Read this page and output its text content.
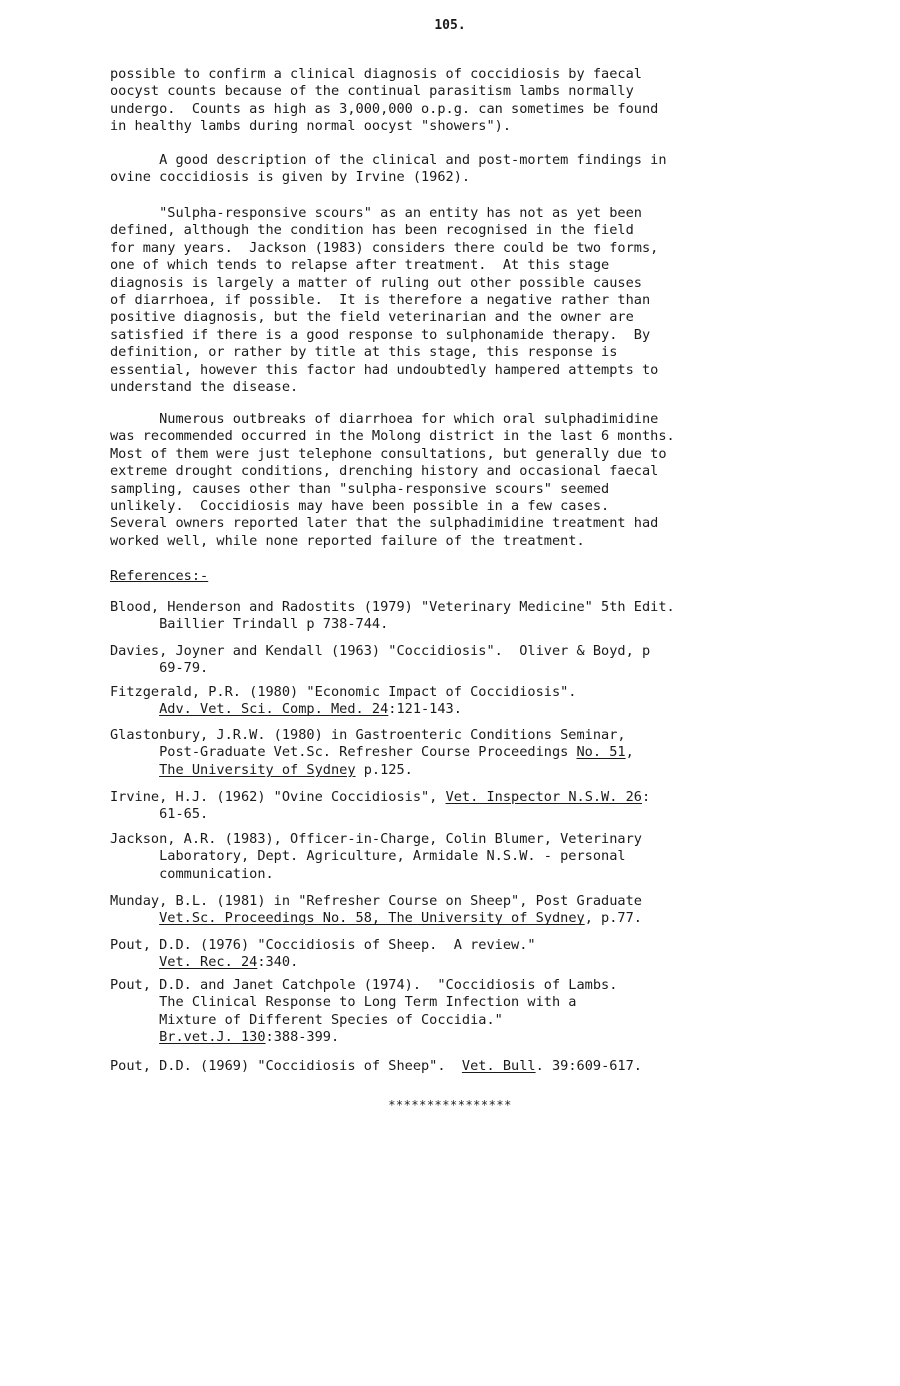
105.
possible to confirm a clinical diagnosis of coccidiosis by faecal
oocyst counts because of the continual parasitism lambs normally
undergo.  Counts as high as 3,000,000 o.p.g. can sometimes be found
in healthy lambs during normal oocyst "showers").
A good description of the clinical and post-mortem findings in
ovine coccidiosis is given by Irvine (1962).
"Sulpha-responsive scours" as an entity has not as yet been
defined, although the condition has been recognised in the field
for many years.  Jackson (1983) considers there could be two forms,
one of which tends to relapse after treatment.  At this stage
diagnosis is largely a matter of ruling out other possible causes
of diarrhoea, if possible.  It is therefore a negative rather than
positive diagnosis, but the field veterinarian and the owner are
satisfied if there is a good response to sulphonamide therapy.  By
definition, or rather by title at this stage, this response is
essential, however this factor had undoubtedly hampered attempts to
understand the disease.
Numerous outbreaks of diarrhoea for which oral sulphadimidine
was recommended occurred in the Molong district in the last 6 months.
Most of them were just telephone consultations, but generally due to
extreme drought conditions, drenching history and occasional faecal
sampling, causes other than "sulpha-responsive scours" seemed
unlikely.  Coccidiosis may have been possible in a few cases.
Several owners reported later that the sulphadimidine treatment had
worked well, while none reported failure of the treatment.
References:-
Blood, Henderson and Radostits (1979) "Veterinary Medicine" 5th Edit.
Baillier Trindall p 738-744.
Davies, Joyner and Kendall (1963) "Coccidiosis".  Oliver & Boyd, p
69-79.
Fitzgerald, P.R. (1980) "Economic Impact of Coccidiosis".
Adv. Vet. Sci. Comp. Med. 24:121-143.
Glastonbury, J.R.W. (1980) in Gastroenteric Conditions Seminar,
Post-Graduate Vet.Sc. Refresher Course Proceedings No. 51,
The University of Sydney p.125.
Irvine, H.J. (1962) "Ovine Coccidiosis", Vet. Inspector N.S.W. 26:
61-65.
Jackson, A.R. (1983), Officer-in-Charge, Colin Blumer, Veterinary
Laboratory, Dept. Agriculture, Armidale N.S.W. - personal
communication.
Munday, B.L. (1981) in "Refresher Course on Sheep", Post Graduate
Vet.Sc. Proceedings No. 58, The University of Sydney, p.77.
Pout, D.D. (1976) "Coccidiosis of Sheep.  A review."
Vet. Rec. 24:340.
Pout, D.D. and Janet Catchpole (1974).  "Coccidiosis of Lambs.
The Clinical Response to Long Term Infection with a
Mixture of Different Species of Coccidia."
Br.vet.J. 130:388-399.
Pout, D.D. (1969) "Coccidiosis of Sheep".  Vet. Bull. 39:609-617.
****************
